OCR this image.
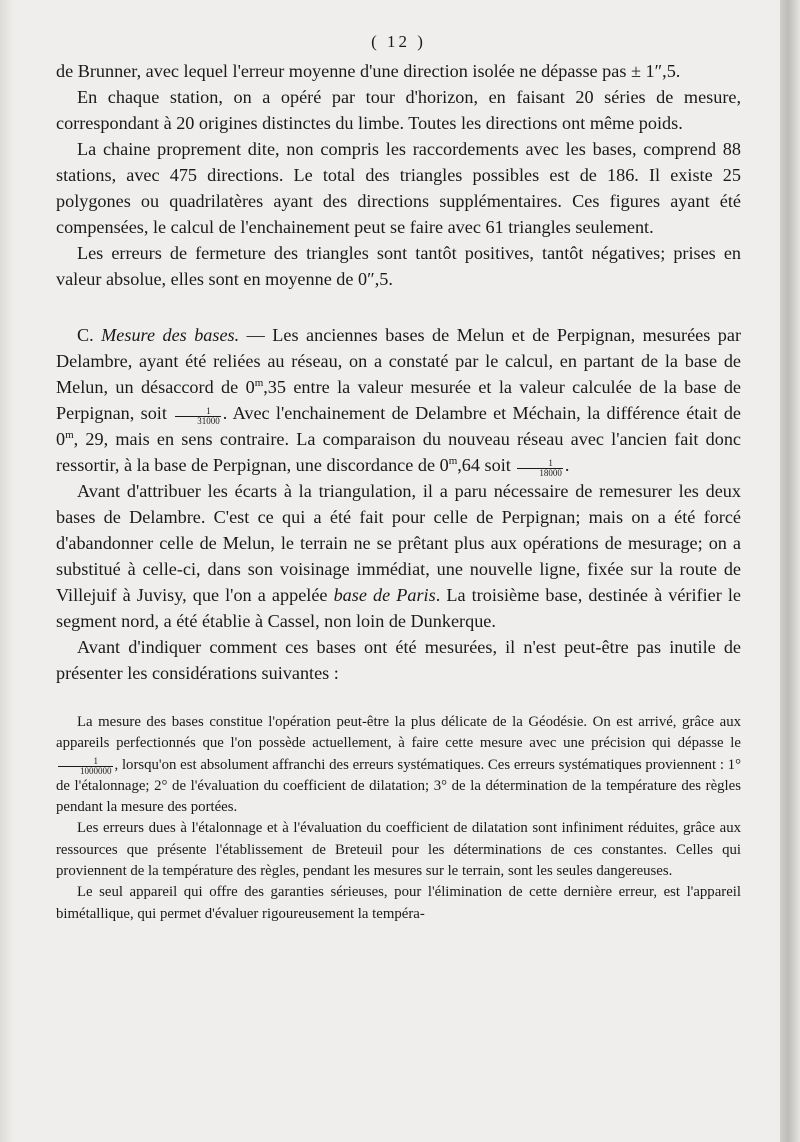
( 12 )

de Brunner, avec lequel l'erreur moyenne d'une direction isolée ne dépasse pas ± 1″,5.

En chaque station, on a opéré par tour d'horizon, en faisant 20 séries de mesure, correspondant à 20 origines distinctes du limbe. Toutes les directions ont même poids.

La chaine proprement dite, non compris les raccordements avec les bases, comprend 88 stations, avec 475 directions. Le total des triangles possibles est de 186. Il existe 25 polygones ou quadrilatères ayant des directions supplémentaires. Ces figures ayant été compensées, le calcul de l'enchainement peut se faire avec 61 triangles seulement.

Les erreurs de fermeture des triangles sont tantôt positives, tantôt négatives; prises en valeur absolue, elles sont en moyenne de 0″,5.

C. Mesure des bases. — Les anciennes bases de Melun et de Perpignan, mesurées par Delambre, ayant été reliées au réseau, on a constaté par le calcul, en partant de la base de Melun, un désaccord de 0$^m$,35 entre la valeur mesurée et la valeur calculée de la base de Perpignan, soit $\frac{1}{31000}$ . Avec l'enchainement de Delambre et Méchain, la différence était de 0$^m$, 29, mais en sens contraire. La comparaison du nouveau réseau avec l'ancien fait donc ressortir, à la base de Perpignan, une discordance de 0$^m$,64 soit $\frac{1}{18000}$ .

Avant d'attribuer les écarts à la triangulation, il a paru nécessaire de remesurer les deux bases de Delambre. C'est ce qui a été fait pour celle de Perpignan; mais on a été forcé d'abandonner celle de Melun, le terrain ne se prêtant plus aux opérations de mesurage; on a substitué à celle-ci, dans son voisinage immédiat, une nouvelle ligne, fixée sur la route de Villejuif à Juvisy, que l'on a appelée base de Paris. La troisième base, destinée à vérifier le segment nord, a été établie à Cassel, non loin de Dunkerque.

Avant d'indiquer comment ces bases ont été mesurées, il n'est peut-être pas inutile de présenter les considérations suivantes :

La mesure des bases constitue l'opération peut-être la plus délicate de la Géodésie. On est arrivé, grâce aux appareils perfectionnés que l'on possède actuellement, à faire cette mesure avec une précision qui dépasse le
$\frac{1}{1000000}$ , lorsqu'on est absolument affranchi des erreurs systématiques. Ces erreurs systématiques proviennent : 1° de l'étalonnage; 2° de l'évaluation du coefficient de dilatation; 3° de la détermination de la température des règles pendant la mesure des portées.

Les erreurs dues à l'étalonnage et à l'évaluation du coefficient de dilatation sont infiniment réduites, grâce aux ressources que présente l'établissement de Breteuil pour les déterminations de ces constantes. Celles qui proviennent de la température des règles, pendant les mesures sur le terrain, sont les seules dangereuses.

Le seul appareil qui offre des garanties sérieuses, pour l'élimination de cette dernière erreur, est l'appareil bimétallique, qui permet d'évaluer rigoureusement la tempéra-
